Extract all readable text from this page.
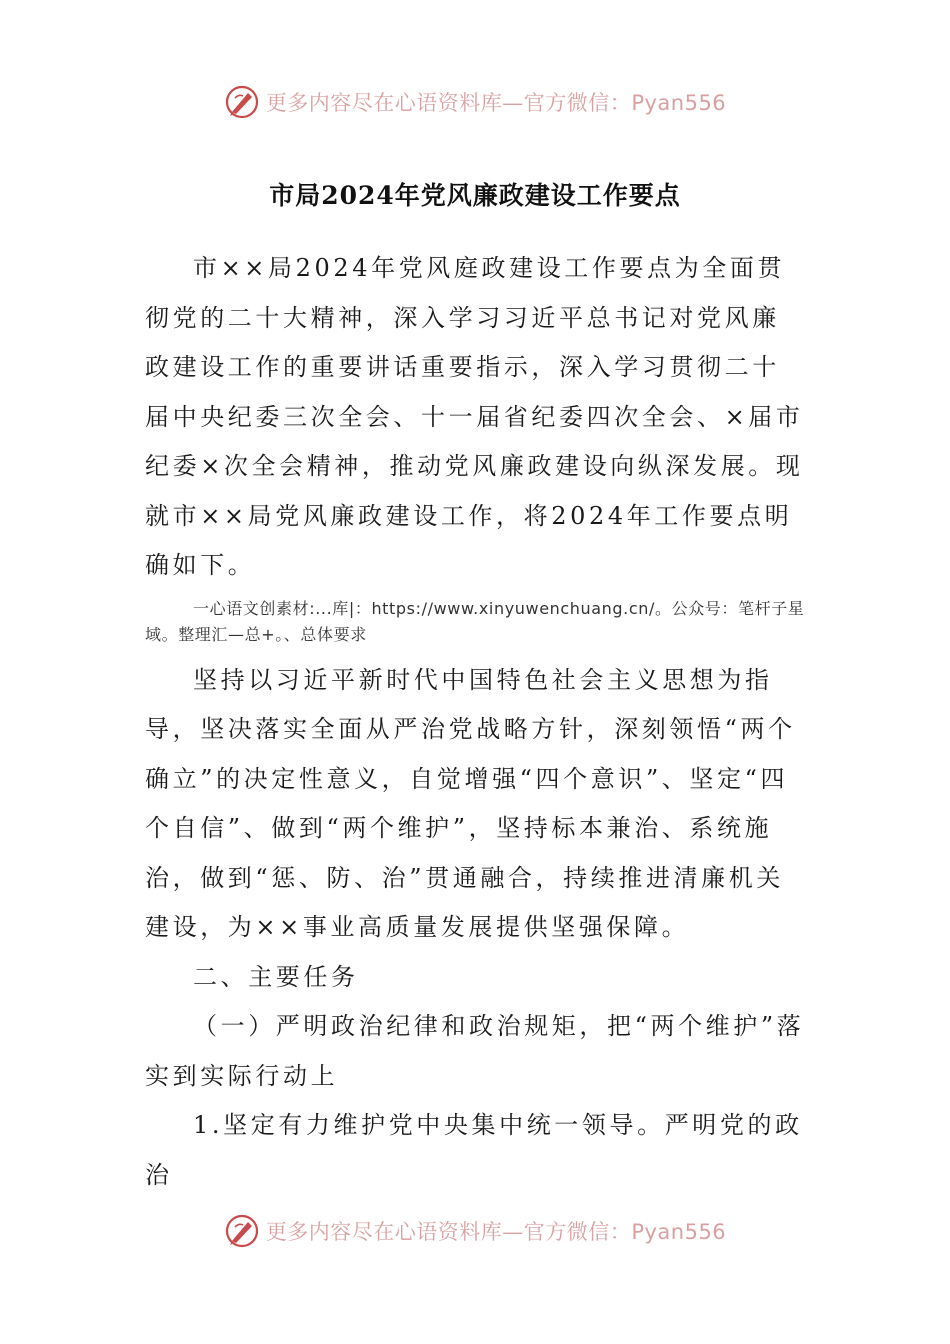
更多内容尽在心语资料库—官方微信：Pyan556
市局2024年党风廉政建设工作要点

市××局2024年党风庭政建设工作要点为全面贯彻党的二十大精神，深入学习习近平总书记对党风廉政建设工作的重要讲话重要指示，深入学习贯彻二十届中央纪委三次全会、十一届省纪委四次全会、×届市纪委×次全会精神，推动党风廉政建设向纵深发展。现就市××局党风廉政建设工作，将2024年工作要点明确如下。

一心语文创素材:...库|：https://www.xinyuwenchuang.cn/。公众号：笔杆子星域。整理汇—总+。、总体要求

坚持以习近平新时代中国特色社会主义思想为指导，坚决落实全面从严治党战略方针，深刻领悟“两个确立”的决定性意义，自觉增强“四个意识”、坚定“四个自信”、做到“两个维护”，坚持标本兼治、系统施治，做到“惩、防、治”贯通融合，持续推进清廉机关建设，为××事业高质量发展提供坚强保障。

二、主要任务

（一）严明政治纪律和政治规矩，把“两个维护”落实到实际行动上

1.坚定有力维护党中央集中统一领导。严明党的政治

更多内容尽在心语资料库—官方微信：Pyan556
